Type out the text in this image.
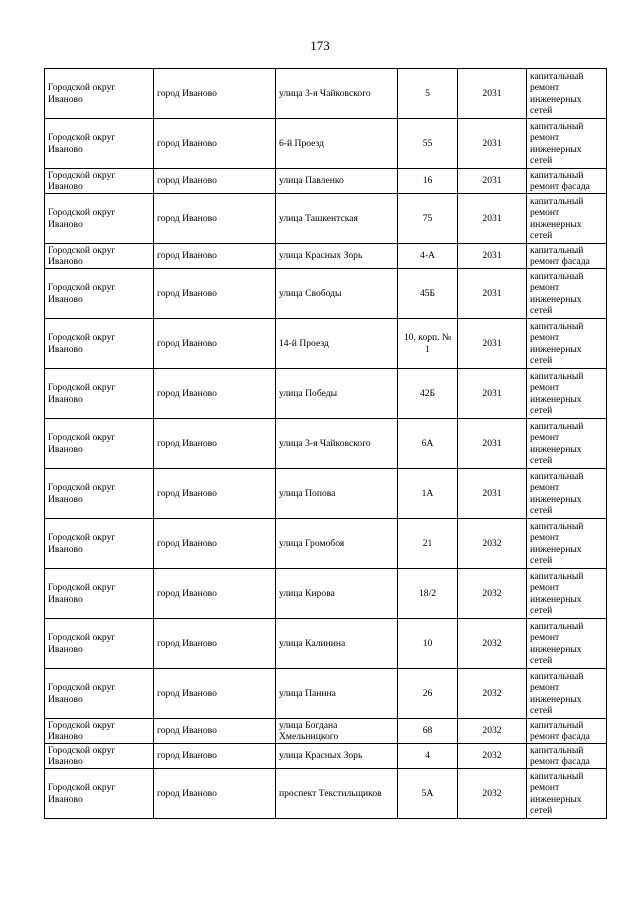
173
Городской округ Иваново	город Иваново	улица 3-я Чайковского	5	2031	капитальный ремонт инженерных сетей
Городской округ Иваново	город Иваново	6-й Проезд	55	2031	капитальный ремонт инженерных сетей
Городской округ Иваново	город Иваново	улица Павленко	16	2031	капитальный ремонт фасада
Городской округ Иваново	город Иваново	улица Ташкентская	75	2031	капитальный ремонт инженерных сетей
Городской округ Иваново	город Иваново	улица Красных Зорь	4-А	2031	капитальный ремонт фасада
Городской округ Иваново	город Иваново	улица Свободы	45Б	2031	капитальный ремонт инженерных сетей
Городской округ Иваново	город Иваново	14-й Проезд	10, корп. № 1	2031	капитальный ремонт инженерных сетей
Городской округ Иваново	город Иваново	улица Победы	42Б	2031	капитальный ремонт инженерных сетей
Городской округ Иваново	город Иваново	улица 3-я Чайковского	6А	2031	капитальный ремонт инженерных сетей
Городской округ Иваново	город Иваново	улица Попова	1А	2031	капитальный ремонт инженерных сетей
Городской округ Иваново	город Иваново	улица Громобоя	21	2032	капитальный ремонт инженерных сетей
Городской округ Иваново	город Иваново	улица Кирова	18/2	2032	капитальный ремонт инженерных сетей
Городской округ Иваново	город Иваново	улица Калинина	10	2032	капитальный ремонт инженерных сетей
Городской округ Иваново	город Иваново	улица Панина	26	2032	капитальный ремонт инженерных сетей
Городской округ Иваново	город Иваново	улица Богдана Хмельницкого	68	2032	капитальный ремонт фасада
Городской округ Иваново	город Иваново	улица Красных Зорь	4	2032	капитальный ремонт фасада
Городской округ Иваново	город Иваново	проспект Текстильщиков	5А	2032	капитальный ремонт инженерных сетей
